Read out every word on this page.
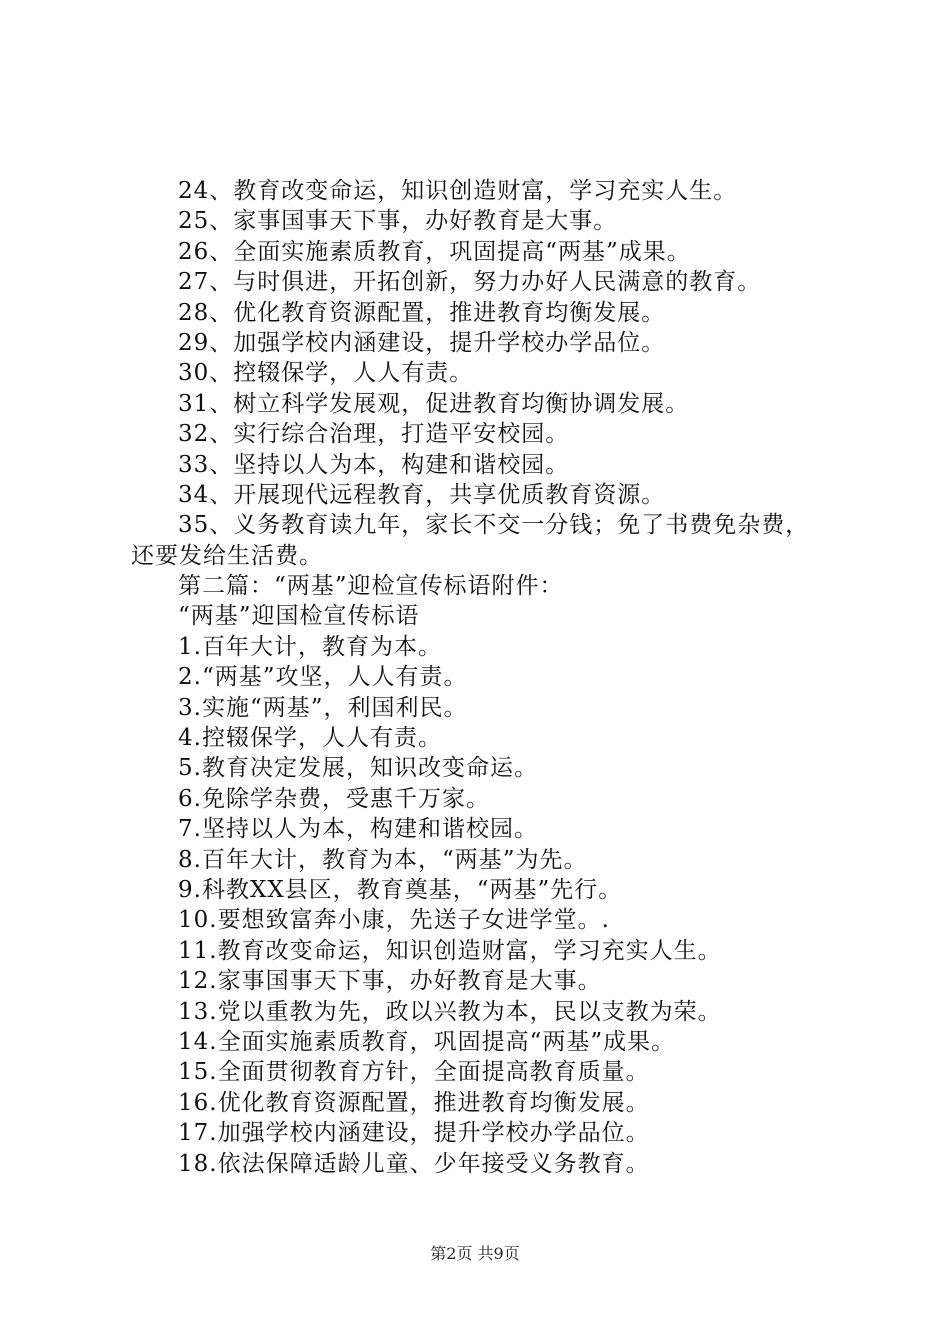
24、教育改变命运，知识创造财富，学习充实人生。
25、家事国事天下事，办好教育是大事。
26、全面实施素质教育，巩固提高“两基”成果。
27、与时俱进，开拓创新，努力办好人民满意的教育。
28、优化教育资源配置，推进教育均衡发展。
29、加强学校内涵建设，提升学校办学品位。
30、控辍保学，人人有责。
31、树立科学发展观，促进教育均衡协调发展。
32、实行综合治理，打造平安校园。
33、坚持以人为本，构建和谐校园。
34、开展现代远程教育，共享优质教育资源。
35、义务教育读九年，家长不交一分钱；免了书费免杂费，
还要发给生活费。
第二篇：“两基”迎检宣传标语附件：
“两基”迎国检宣传标语
1.百年大计，教育为本。
2.“两基”攻坚，人人有责。
3.实施“两基”，利国利民。
4.控辍保学，人人有责。
5.教育决定发展，知识改变命运。
6.免除学杂费，受惠千万家。
7.坚持以人为本，构建和谐校园。
8.百年大计，教育为本，“两基”为先。
9.科教XX县区，教育奠基，“两基”先行。
10.要想致富奔小康，先送子女进学堂。.
11.教育改变命运，知识创造财富，学习充实人生。
12.家事国事天下事，办好教育是大事。
13.党以重教为先，政以兴教为本，民以支教为荣。
14.全面实施素质教育，巩固提高“两基”成果。
15.全面贯彻教育方针，全面提高教育质量。
16.优化教育资源配置，推进教育均衡发展。
17.加强学校内涵建设，提升学校办学品位。
18.依法保障适龄儿童、少年接受义务教育。
第2页 共9页
